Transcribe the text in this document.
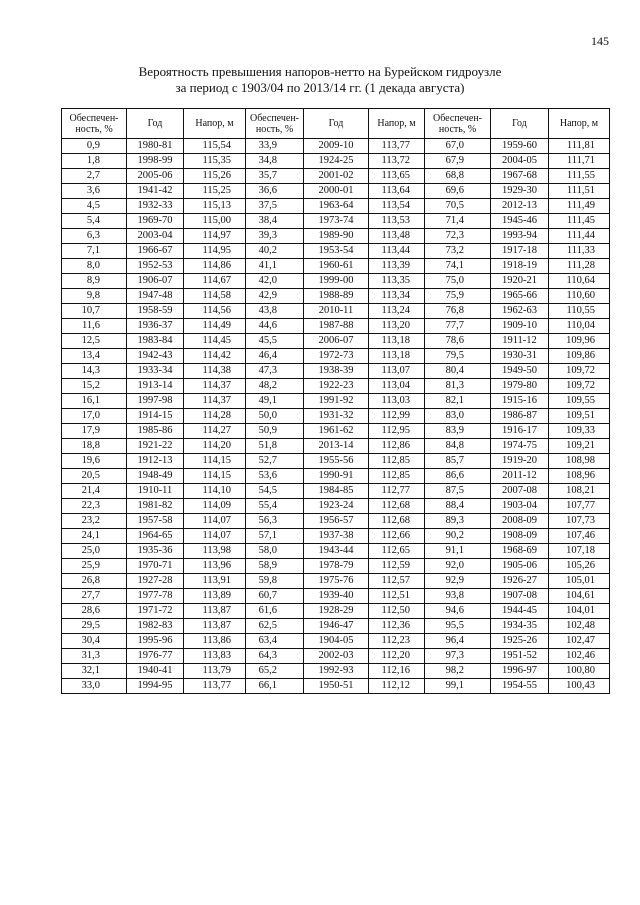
145
Вероятность превышения напоров-нетто на Бурейском гидроузле
за период с 1903/04 по 2013/14 гг. (1 декада августа)
Обеспечен-ность, %	Год	Напор, м	Обеспечен-ность, %	Год	Напор, м	Обеспечен-ность, %	Год	Напор, м
0,9	1980-81	115,54	33,9	2009-10	113,77	67,0	1959-60	111,81
1,8	1998-99	115,35	34,8	1924-25	113,72	67,9	2004-05	111,71
2,7	2005-06	115,26	35,7	2001-02	113,65	68,8	1967-68	111,55
3,6	1941-42	115,25	36,6	2000-01	113,64	69,6	1929-30	111,51
4,5	1932-33	115,13	37,5	1963-64	113,54	70,5	2012-13	111,49
5,4	1969-70	115,00	38,4	1973-74	113,53	71,4	1945-46	111,45
6,3	2003-04	114,97	39,3	1989-90	113,48	72,3	1993-94	111,44
7,1	1966-67	114,95	40,2	1953-54	113,44	73,2	1917-18	111,33
8,0	1952-53	114,86	41,1	1960-61	113,39	74,1	1918-19	111,28
8,9	1906-07	114,67	42,0	1999-00	113,35	75,0	1920-21	110,64
9,8	1947-48	114,58	42,9	1988-89	113,34	75,9	1965-66	110,60
10,7	1958-59	114,56	43,8	2010-11	113,24	76,8	1962-63	110,55
11,6	1936-37	114,49	44,6	1987-88	113,20	77,7	1909-10	110,04
12,5	1983-84	114,45	45,5	2006-07	113,18	78,6	1911-12	109,96
13,4	1942-43	114,42	46,4	1972-73	113,18	79,5	1930-31	109,86
14,3	1933-34	114,38	47,3	1938-39	113,07	80,4	1949-50	109,72
15,2	1913-14	114,37	48,2	1922-23	113,04	81,3	1979-80	109,72
16,1	1997-98	114,37	49,1	1991-92	113,03	82,1	1915-16	109,55
17,0	1914-15	114,28	50,0	1931-32	112,99	83,0	1986-87	109,51
17,9	1985-86	114,27	50,9	1961-62	112,95	83,9	1916-17	109,33
18,8	1921-22	114,20	51,8	2013-14	112,86	84,8	1974-75	109,21
19,6	1912-13	114,15	52,7	1955-56	112,85	85,7	1919-20	108,98
20,5	1948-49	114,15	53,6	1990-91	112,85	86,6	2011-12	108,96
21,4	1910-11	114,10	54,5	1984-85	112,77	87,5	2007-08	108,21
22,3	1981-82	114,09	55,4	1923-24	112,68	88,4	1903-04	107,77
23,2	1957-58	114,07	56,3	1956-57	112,68	89,3	2008-09	107,73
24,1	1964-65	114,07	57,1	1937-38	112,66	90,2	1908-09	107,46
25,0	1935-36	113,98	58,0	1943-44	112,65	91,1	1968-69	107,18
25,9	1970-71	113,96	58,9	1978-79	112,59	92,0	1905-06	105,26
26,8	1927-28	113,91	59,8	1975-76	112,57	92,9	1926-27	105,01
27,7	1977-78	113,89	60,7	1939-40	112,51	93,8	1907-08	104,61
28,6	1971-72	113,87	61,6	1928-29	112,50	94,6	1944-45	104,01
29,5	1982-83	113,87	62,5	1946-47	112,36	95,5	1934-35	102,48
30,4	1995-96	113,86	63,4	1904-05	112,23	96,4	1925-26	102,47
31,3	1976-77	113,83	64,3	2002-03	112,20	97,3	1951-52	102,46
32,1	1940-41	113,79	65,2	1992-93	112,16	98,2	1996-97	100,80
33,0	1994-95	113,77	66,1	1950-51	112,12	99,1	1954-55	100,43
